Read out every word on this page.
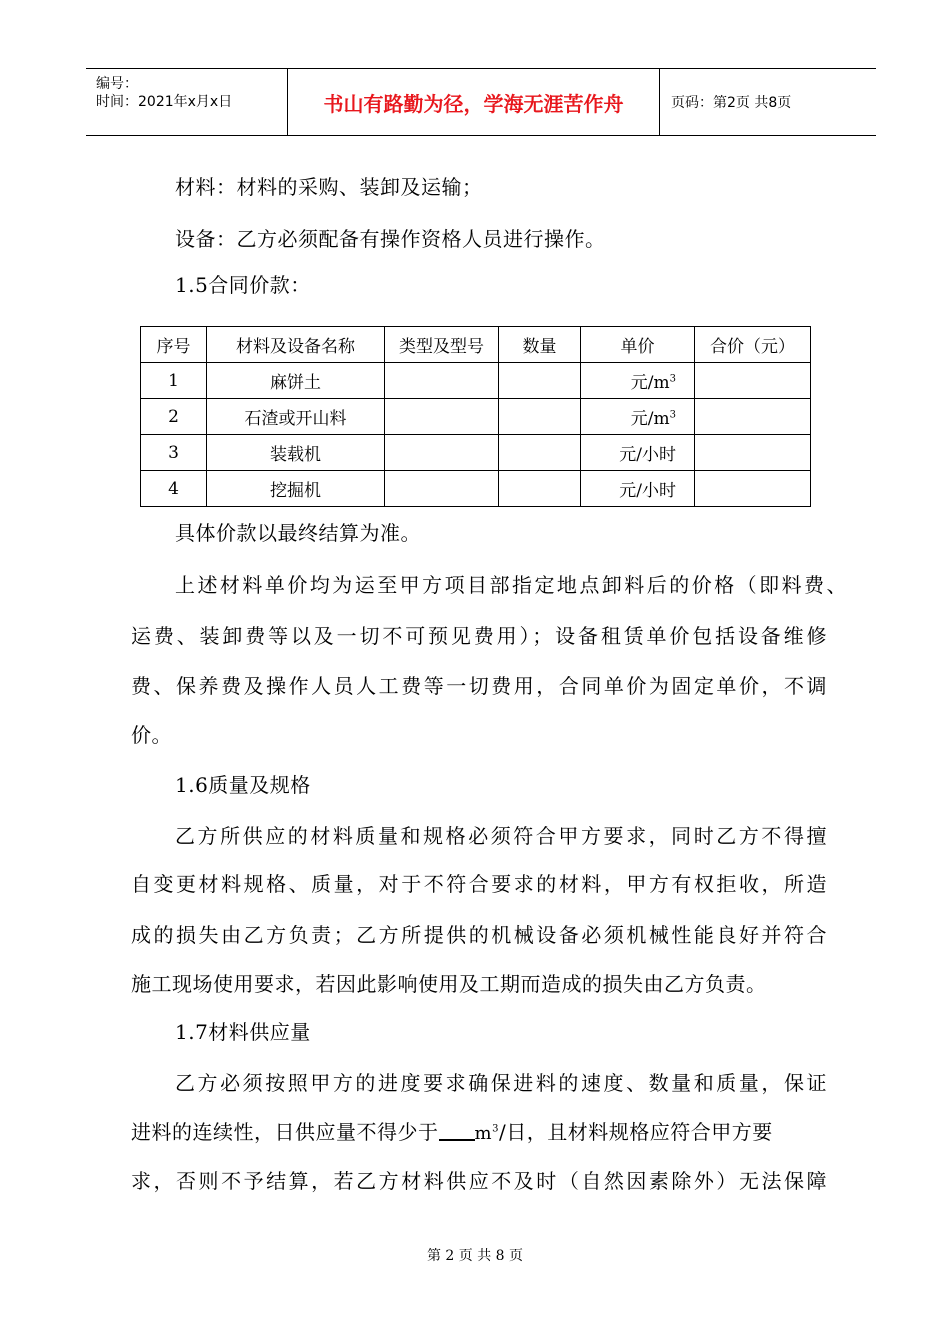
编号：
时间：2021年x月x日	书山有路勤为径，学海无涯苦作舟	页码：第2页 共8页
材料：材料的采购、装卸及运输；
设备：乙方必须配备有操作资格人员进行操作。
1.5合同价款：
序号	材料及设备名称	类型及型号	数量	单价	合价（元）
1	麻饼土			元$/m^3$	
2	石渣或开山料			元$/m^3$	
3	装载机			元/小时	
4	挖掘机			元/小时	
具体价款以最终结算为准。
上述材料单价均为运至甲方项目部指定地点卸料后的价格（即料费、
运费、装卸费等以及一切不可预见费用）；设备租赁单价包括设备维修
费、保养费及操作人员人工费等一切费用，合同单价为固定单价，不调
价。
1.6质量及规格
乙方所供应的材料质量和规格必须符合甲方要求，同时乙方不得擅
自变更材料规格、质量，对于不符合要求的材料，甲方有权拒收，所造
成的损失由乙方负责；乙方所提供的机械设备必须机械性能良好并符合
施工现场使用要求，若因此影响使用及工期而造成的损失由乙方负责。
1.7材料供应量
乙方必须按照甲方的进度要求确保进料的速度、数量和质量，保证
进料的连续性，日供应量不得少于 $m^3/$日，且材料规格应符合甲方要
求，否则不予结算，若乙方材料供应不及时（自然因素除外）无法保障
第 2 页 共 8 页
